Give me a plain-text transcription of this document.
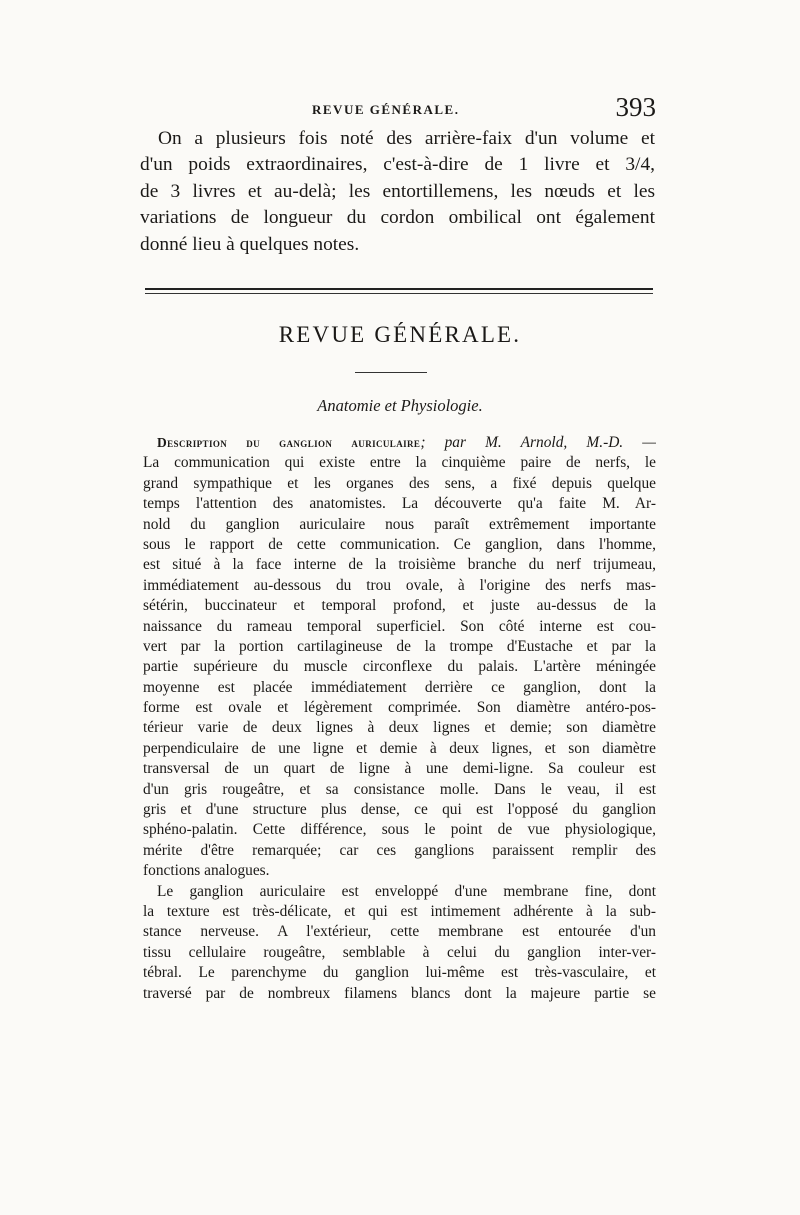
REVUE GÉNÉRALE.	393
On a plusieurs fois noté des arrière-faix d'un volume et
d'un poids extraordinaires, c'est-à-dire de 1 livre et 3/4,
de 3 livres et au-delà; les entortillemens, les nœuds et les
variations de longueur du cordon ombilical ont également
donné lieu à quelques notes.
REVUE GÉNÉRALE.
Anatomie et Physiologie.
Description du ganglion auriculaire; par M. Arnold, M.-D. —
La communication qui existe entre la cinquième paire de nerfs, le
grand sympathique et les organes des sens, a fixé depuis quelque
temps l'attention des anatomistes. La découverte qu'a faite M. Ar-
nold du ganglion auriculaire nous paraît extrêmement importante
sous le rapport de cette communication. Ce ganglion, dans l'homme,
est situé à la face interne de la troisième branche du nerf trijumeau,
immédiatement au-dessous du trou ovale, à l'origine des nerfs mas-
sétérin, buccinateur et temporal profond, et juste au-dessus de la
naissance du rameau temporal superficiel. Son côté interne est cou-
vert par la portion cartilagineuse de la trompe d'Eustache et par la
partie supérieure du muscle circonflexe du palais. L'artère méningée
moyenne est placée immédiatement derrière ce ganglion, dont la
forme est ovale et légèrement comprimée. Son diamètre antéro-pos-
térieur varie de deux lignes à deux lignes et demie; son diamètre
perpendiculaire de une ligne et demie à deux lignes, et son diamètre
transversal de un quart de ligne à une demi-ligne. Sa couleur est
d'un gris rougeâtre, et sa consistance molle. Dans le veau, il est
gris et d'une structure plus dense, ce qui est l'opposé du ganglion
sphéno-palatin. Cette différence, sous le point de vue physiologique,
mérite d'être remarquée; car ces ganglions paraissent remplir des
fonctions analogues.
Le ganglion auriculaire est enveloppé d'une membrane fine, dont
la texture est très-délicate, et qui est intimement adhérente à la sub-
stance nerveuse. A l'extérieur, cette membrane est entourée d'un
tissu cellulaire rougeâtre, semblable à celui du ganglion inter-ver-
tébral. Le parenchyme du ganglion lui-même est très-vasculaire, et
traversé par de nombreux filamens blancs dont la majeure partie se
